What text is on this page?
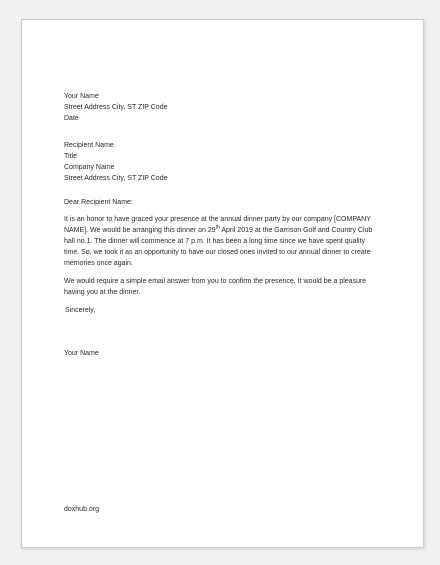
Your Name
Street Address City, ST ZIP Code
Date
Recipient Name
Title
Company Name
Street Address City, ST ZIP Code
Dear Recipient Name:
It is an honor to have graced your presence at the annual dinner party by our company [COMPANY NAME]. We would be arranging this dinner on 29th April 2019 at the Garrison Golf and Country Club hall no.1. The dinner will commence at 7 p.m. It has been a long time since we have spent quality time. So, we took it as an opportunity to have our closed ones invited to our annual dinner to create memories once again.
We would require a simple email answer from you to confirm the presence. It would be a pleasure having you at the dinner.
Sincerely,
Your Name
doxhub.org
